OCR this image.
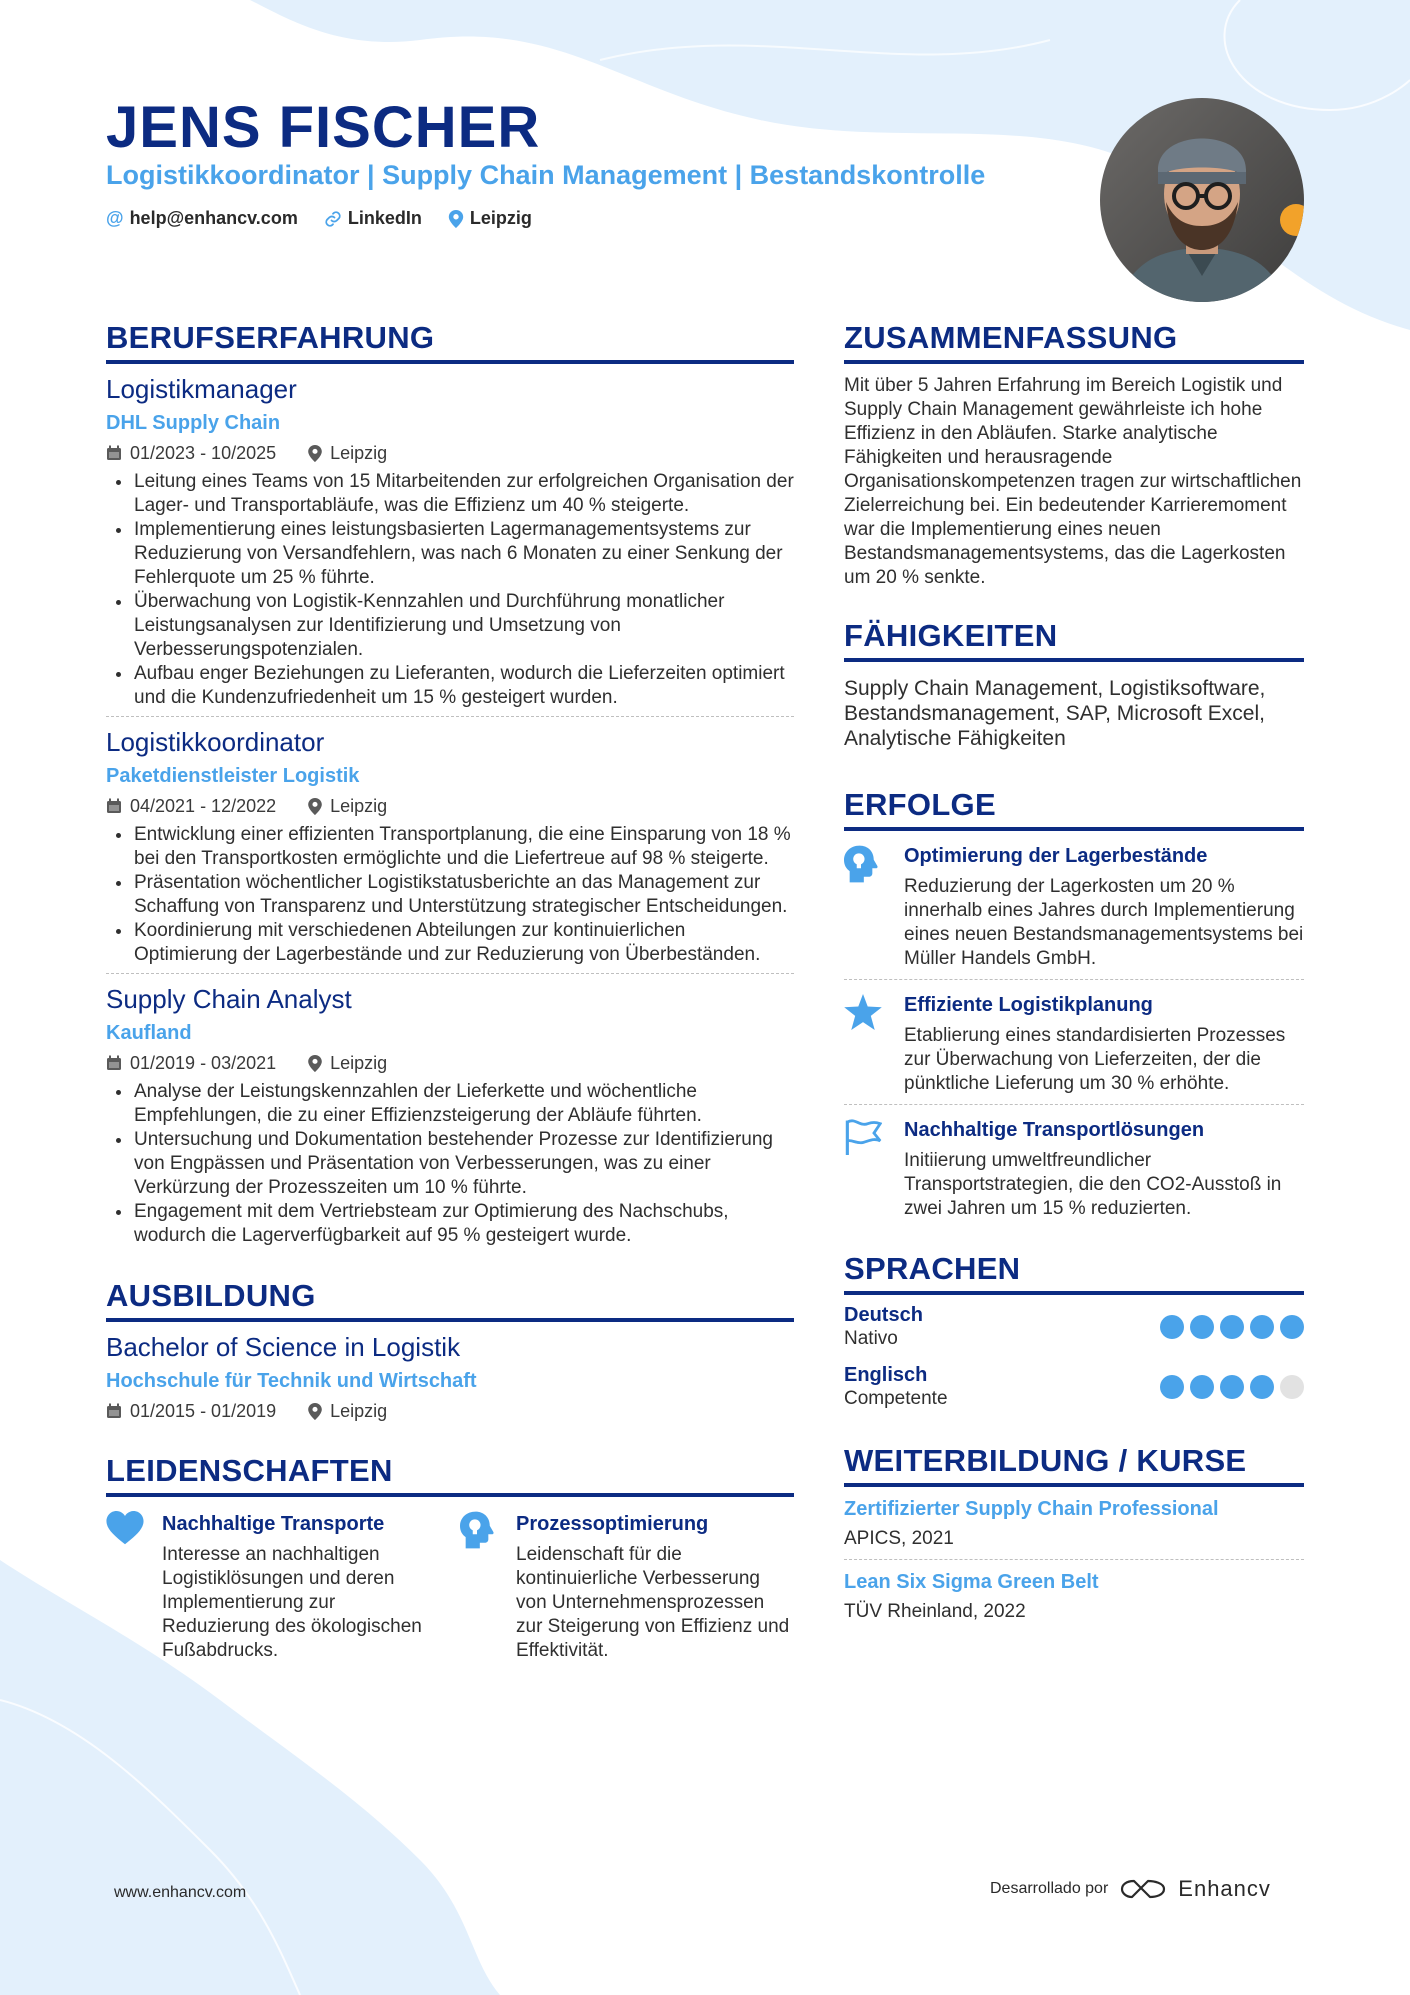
JENS FISCHER
Logistikkoordinator | Supply Chain Management | Bestandskontrolle
@ help@enhancv.com	LinkedIn	Leipzig
BERUFSERFAHRUNG
Logistikmanager
DHL Supply Chain
01/2023 - 10/2025	Leipzig
Leitung eines Teams von 15 Mitarbeitenden zur erfolgreichen Organisation der Lager- und Transportabläufe, was die Effizienz um 40 % steigerte.
Implementierung eines leistungsbasierten Lagermanagementsystems zur Reduzierung von Versandfehlern, was nach 6 Monaten zu einer Senkung der Fehlerquote um 25 % führte.
Überwachung von Logistik-Kennzahlen und Durchführung monatlicher Leistungsanalysen zur Identifizierung und Umsetzung von Verbesserungspotenzialen.
Aufbau enger Beziehungen zu Lieferanten, wodurch die Lieferzeiten optimiert und die Kundenzufriedenheit um 15 % gesteigert wurden.
Logistikkoordinator
Paketdienstleister Logistik
04/2021 - 12/2022	Leipzig
Entwicklung einer effizienten Transportplanung, die eine Einsparung von 18 % bei den Transportkosten ermöglichte und die Liefertreue auf 98 % steigerte.
Präsentation wöchentlicher Logistikstatusberichte an das Management zur Schaffung von Transparenz und Unterstützung strategischer Entscheidungen.
Koordinierung mit verschiedenen Abteilungen zur kontinuierlichen Optimierung der Lagerbestände und zur Reduzierung von Überbeständen.
Supply Chain Analyst
Kaufland
01/2019 - 03/2021	Leipzig
Analyse der Leistungskennzahlen der Lieferkette und wöchentliche Empfehlungen, die zu einer Effizienzsteigerung der Abläufe führten.
Untersuchung und Dokumentation bestehender Prozesse zur Identifizierung von Engpässen und Präsentation von Verbesserungen, was zu einer Verkürzung der Prozesszeiten um 10 % führte.
Engagement mit dem Vertriebsteam zur Optimierung des Nachschubs, wodurch die Lagerverfügbarkeit auf 95 % gesteigert wurde.
AUSBILDUNG
Bachelor of Science in Logistik
Hochschule für Technik und Wirtschaft
01/2015 - 01/2019	Leipzig
LEIDENSCHAFTEN
Nachhaltige Transporte
Interesse an nachhaltigen Logistiklösungen und deren Implementierung zur Reduzierung des ökologischen Fußabdrucks.
Prozessoptimierung
Leidenschaft für die kontinuierliche Verbesserung von Unternehmensprozessen zur Steigerung von Effizienz und Effektivität.
ZUSAMMENFASSUNG
Mit über 5 Jahren Erfahrung im Bereich Logistik und Supply Chain Management gewährleiste ich hohe Effizienz in den Abläufen. Starke analytische Fähigkeiten und herausragende Organisationskompetenzen tragen zur wirtschaftlichen Zielerreichung bei. Ein bedeutender Karrieremoment war die Implementierung eines neuen Bestandsmanagementsystems, das die Lagerkosten um 20 % senkte.
FÄHIGKEITEN
Supply Chain Management, Logistiksoftware, Bestandsmanagement, SAP, Microsoft Excel, Analytische Fähigkeiten
ERFOLGE
Optimierung der Lagerbestände
Reduzierung der Lagerkosten um 20 % innerhalb eines Jahres durch Implementierung eines neuen Bestandsmanagementsystems bei Müller Handels GmbH.
Effiziente Logistikplanung
Etablierung eines standardisierten Prozesses zur Überwachung von Lieferzeiten, der die pünktliche Lieferung um 30 % erhöhte.
Nachhaltige Transportlösungen
Initiierung umweltfreundlicher Transportstrategien, die den CO2-Ausstoß in zwei Jahren um 15 % reduzierten.
SPRACHEN
Deutsch
Nativo
Englisch
Competente
WEITERBILDUNG / KURSE
Zertifizierter Supply Chain Professional
APICS, 2021
Lean Six Sigma Green Belt
TÜV Rheinland, 2022
www.enhancv.com	Desarrollado por	Enhancv
